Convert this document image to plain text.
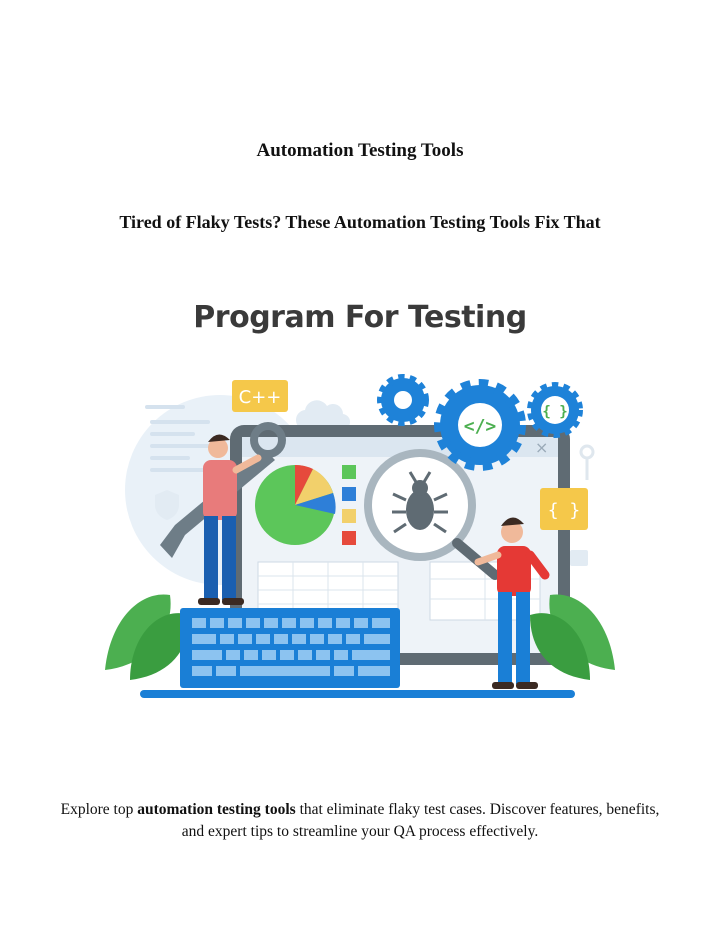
Automation Testing Tools
Tired of Flaky Tests? These Automation Testing Tools Fix That
Program For Testing
×
</>
{ }
C++
{ }

Explore top automation testing tools that eliminate flaky test cases. Discover features, benefits, and expert tips to streamline your QA process effectively.
